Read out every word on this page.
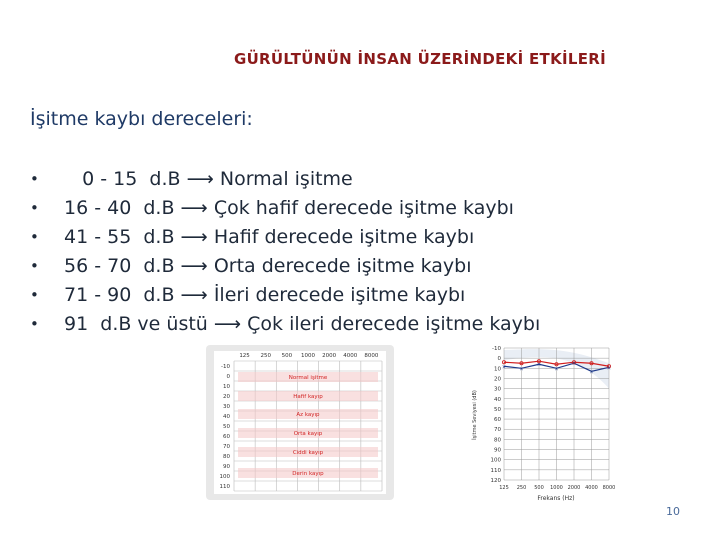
GÜRÜLTÜNÜN İNSAN ÜZERİNDEKİ ETKİLERİ
İşitme kaybı dereceleri:
• 0 - 15  d.B ⟶ Normal işitme
• 16 - 40  d.B ⟶ Çok hafif derecede işitme kaybı
• 41 - 55  d.B ⟶ Hafif derecede işitme kaybı
• 56 - 70  d.B ⟶ Orta derecede işitme kaybı
• 71 - 90  d.B ⟶ İleri derecede işitme kaybı
• 91  d.B ve üstü ⟶ Çok ileri derecede işitme kaybı
Normal işitme
Hafif kayıp
Az kayıp
Orta kayıp
Ciddi kayıp
Derin kayıp
125 250 500 1000 2000 4000 8000
-10
0
10
20
30
40
50
60
70
80
90
100
110
-10
0
10
20
30
40
50
60
70
80
90
100
110
120
125 250 500 1000 2000 4000 8000
×	×
×
×
×
×
×
İşitme Seviyesi (dB)
Frekans (Hz)
10
